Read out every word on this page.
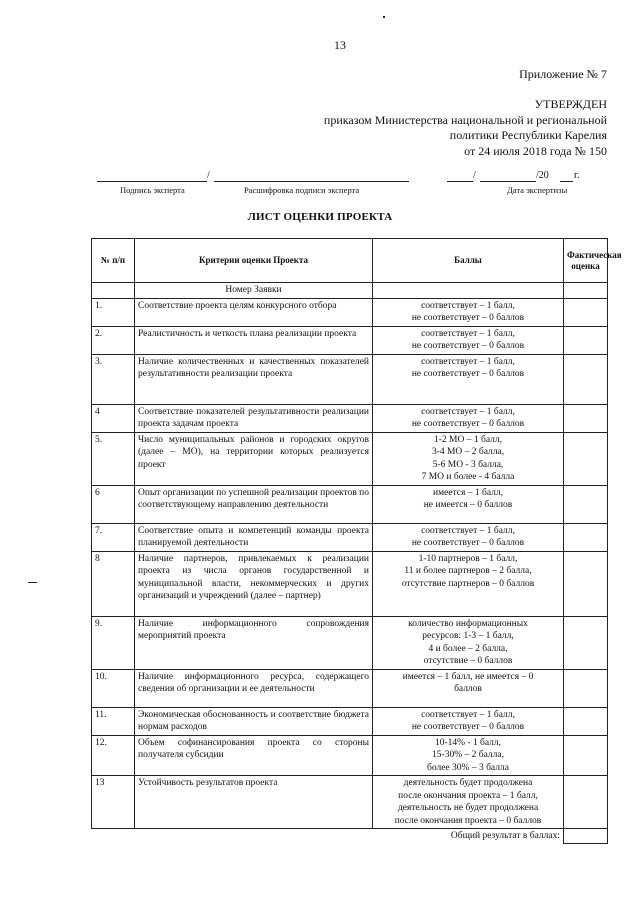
13
Приложение № 7
УТВЕРЖДЕН
приказом Министерства национальной и региональной
политики Республики Карелия
от 24 июля 2018 года № 150
/	/	/20	г.
Подпись эксперта	Расшифровка подписи эксперта	Дата экспертизы
ЛИСТ ОЦЕНКИ ПРОЕКТА
№ п/п	Критерии оценки Проекта	Баллы	Фактическая оценка
	Номер Заявки		
1.	Соответствие проекта целям конкурсного отбора	соответствует – 1 балл,
не соответствует – 0 баллов	

2.	Реалистичность и четкость плана реализации проекта	соответствует – 1 балл,
не соответствует – 0 баллов	

3.	Наличие количественных и качественных показателей результативности реализации проекта	соответствует – 1 балл,
не соответствует – 0 баллов	

4	Соответствие показателей результативности реализации проекта задачам проекта	соответствует – 1 балл,
не соответствует – 0 баллов	

5.	Число муниципальных районов и городских округов (далее – МО), на территории которых реализуется проект	1-2 МО – 1 балл,
3-4 МО – 2 балла,
5-6 МО - 3 балла,
7 МО и более - 4 балла	

6	Опыт организации по успешной реализации проектов по соответствующему направлению деятельности	имеется – 1 балл,
не имеется – 0 баллов	

7.	Соответствие опыта и компетенций команды проекта планируемой деятельности	соответствует – 1 балл,
не соответствует – 0 баллов	

8	Наличие партнеров, привлекаемых к реализации проекта из числа органов государственной и муниципальной власти, некоммерческих и других организаций и учреждений (далее – партнер)	1-10 партнеров – 1 балл,
11 и более партнеров – 2 балла,
отсутствие партнеров – 0 баллов	

9.	Наличие информационного сопровождения мероприятий проекта	количество информационных
ресурсов: 1-3 – 1 балл,
4 и более – 2 балла,
отсутствие – 0 баллов	

10.	Наличие информационного ресурса, содержащего сведения об организации и ее деятельности	имеется – 1 балл, не имеется – 0
баллов	

11.	Экономическая обоснованность и соответствие бюджета нормам расходов	соответствует – 1 балл,
не соответствует – 0 баллов	

12.	Объем софинансирования проекта со стороны получателя субсидии	10-14% - 1 балл,
15-30% – 2 балла,
более 30% – 3 балла	

13	Устойчивость результатов проекта	деятельность будет продолжена
после окончания проекта – 1 балл,
деятельность не будет продолжена
после окончания проекта – 0 баллов	

Общий результат в баллах:			
